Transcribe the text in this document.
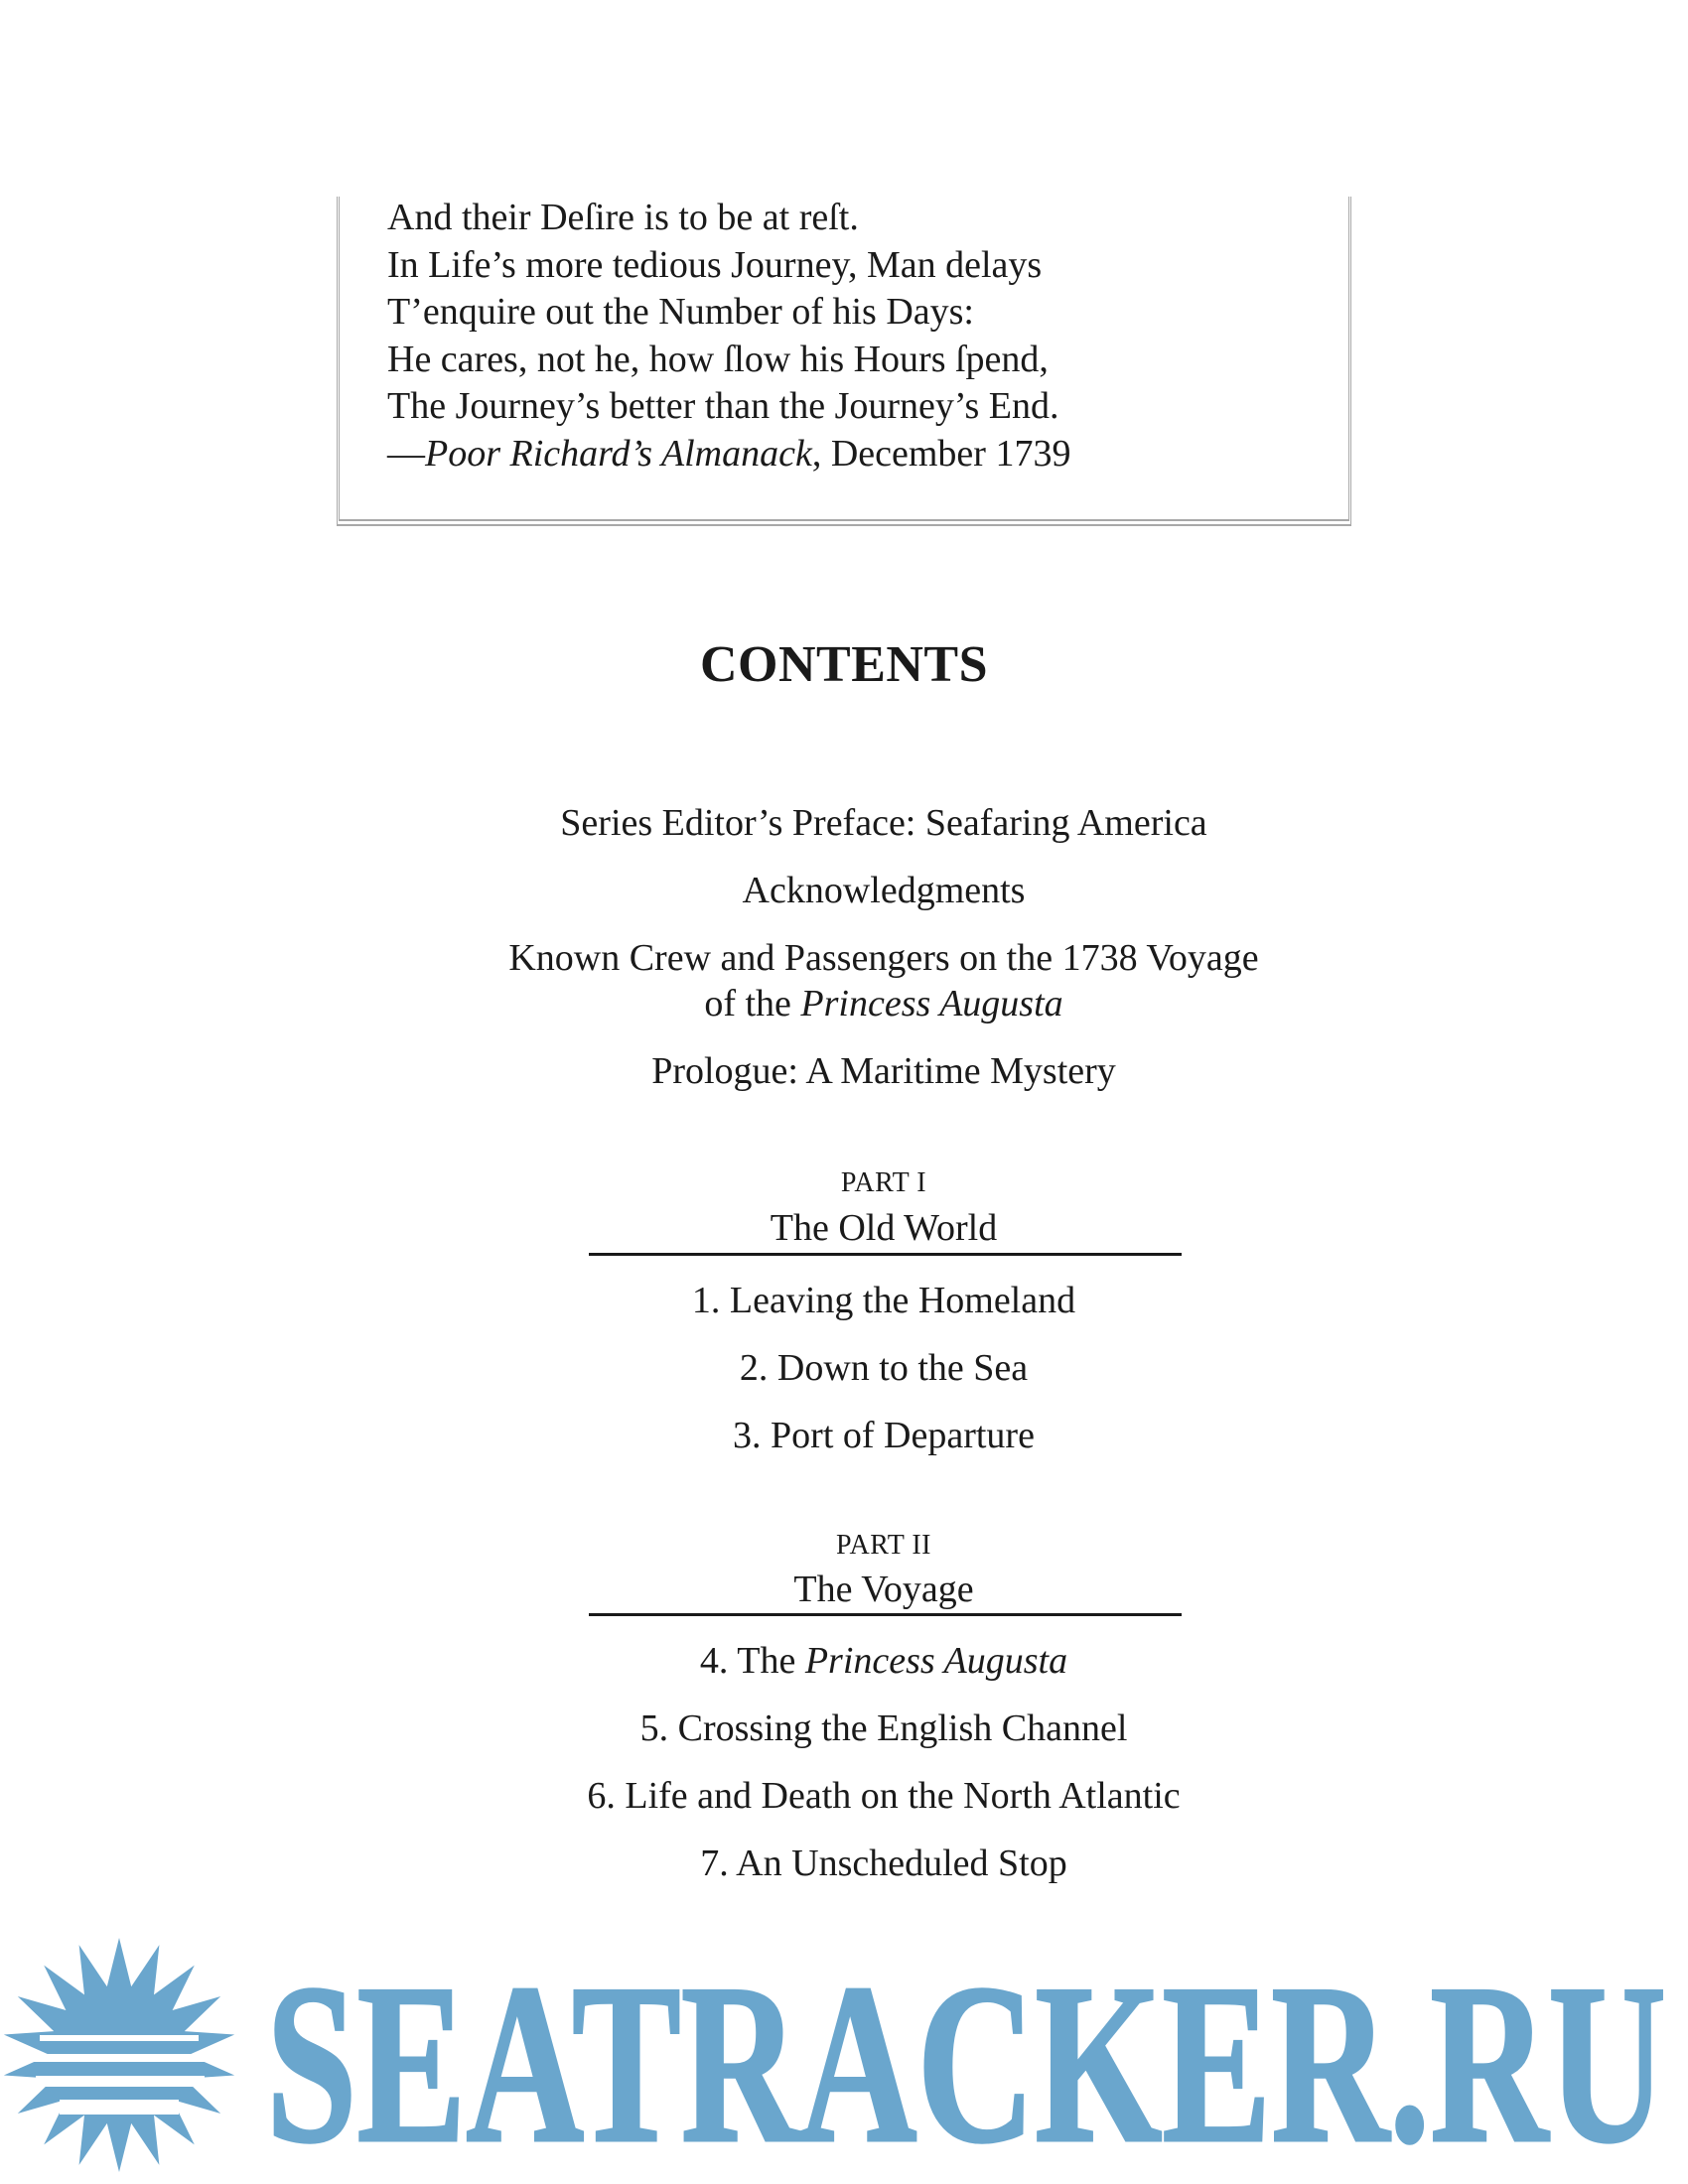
And their Deſire is to be at reſt.
In Life’s more tedious Journey, Man delays
T’enquire out the Number of his Days:
He cares, not he, how ſlow his Hours ſpend,
The Journey’s better than the Journey’s End.
—Poor Richard’s Almanack, December 1739
CONTENTS
Series Editor’s Preface: Seafaring America
Acknowledgments
Known Crew and Passengers on the 1738 Voyage
of the Princess Augusta
Prologue: A Maritime Mystery
PART I
The Old World
1. Leaving the Homeland
2. Down to the Sea
3. Port of Departure
PART II
The Voyage
4. The Princess Augusta
5. Crossing the English Channel
6. Life and Death on the North Atlantic
7. An Unscheduled Stop
SEATRACKER.RU
